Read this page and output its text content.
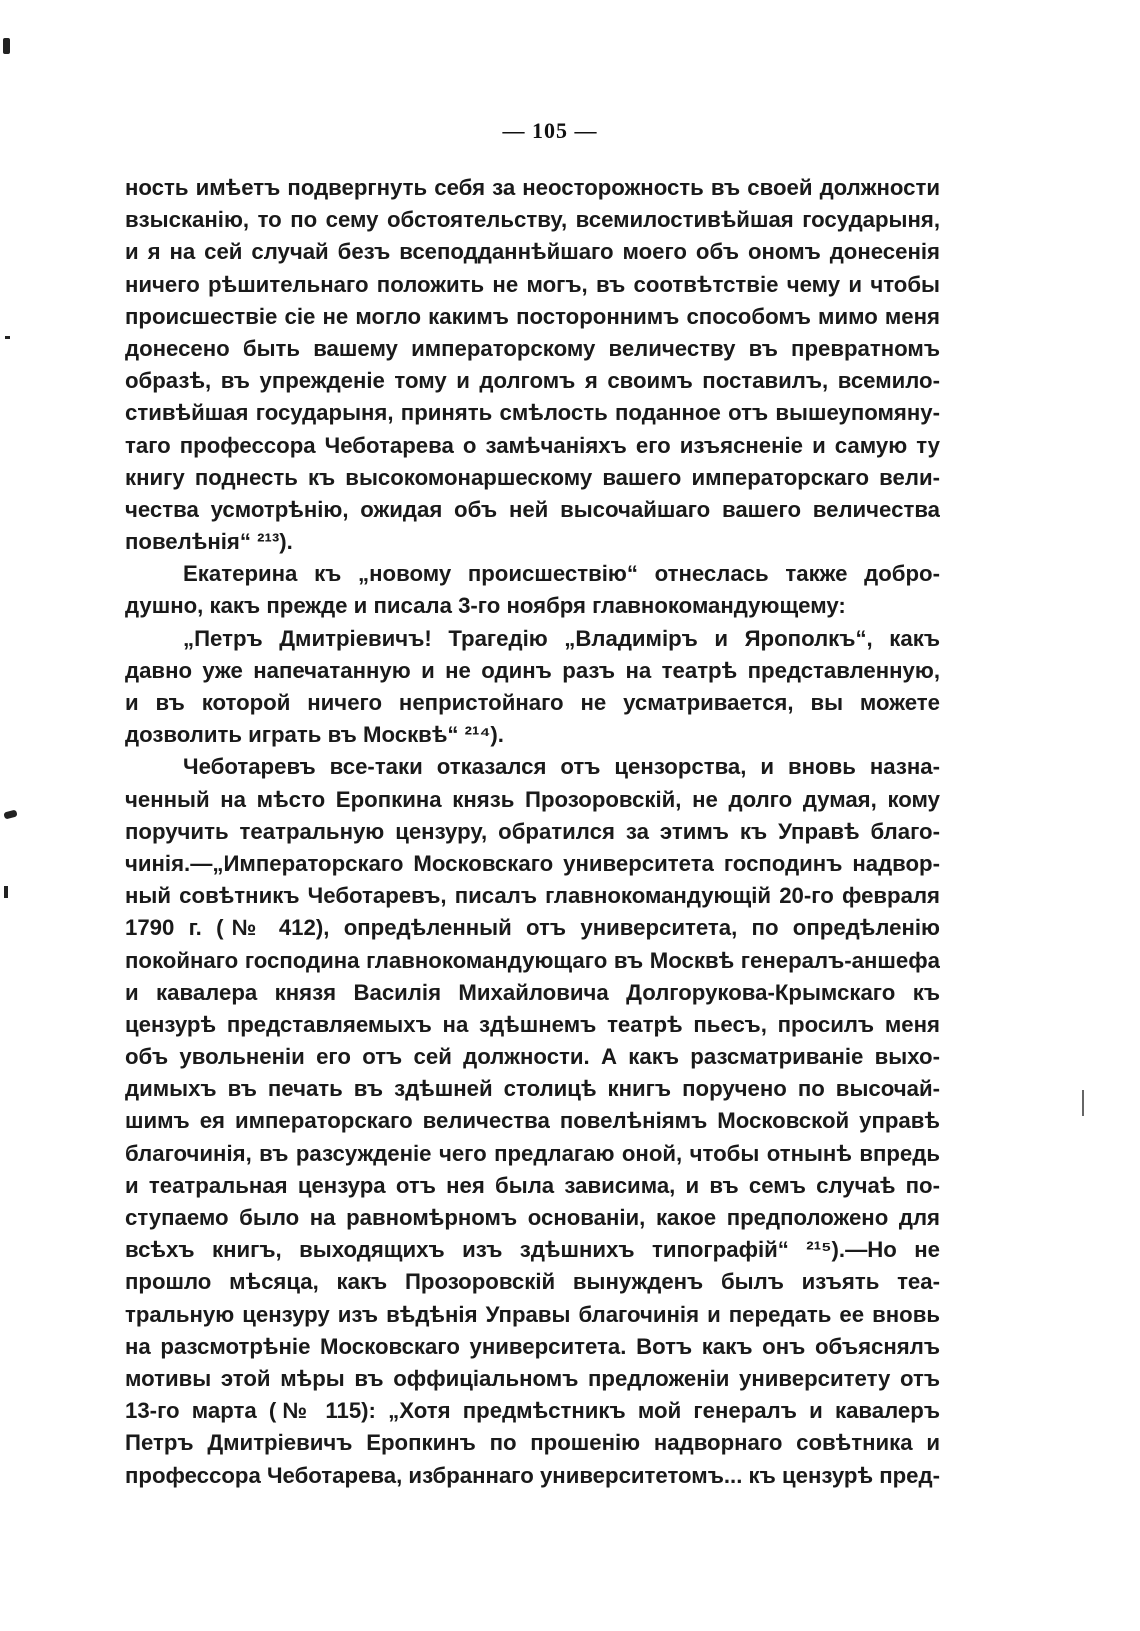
— 105 —
ность имѣетъ подвергнуть себя за неосторожность въ своей должности
взысканію, то по сему обстоятельству, всемилостивѣйшая государыня,
и я на сей случай безъ всеподданнѣйшаго моего объ ономъ донесенія
ничего рѣшительнаго положить не могъ, въ соотвѣтствіе чему и чтобы
происшествіе сіе не могло какимъ постороннимъ способомъ мимо меня
донесено быть вашему императорскому величеству въ превратномъ
образѣ, въ упрежденіе тому и долгомъ я своимъ поставилъ, всемило-
стивѣйшая государыня, принять смѣлость поданное отъ вышеупомяну-
таго профессора Чеботарева о замѣчаніяхъ его изъясненіе и самую ту
книгу поднесть къ высокомонаршескому вашего императорскаго вели-
чества усмотрѣнію, ожидая объ ней высочайшаго вашего величества
повелѣнія“ ²¹³).
Екатерина къ „новому происшествію“ отнеслась также добро-
душно, какъ прежде и писала 3-го ноября главнокомандующему:
„Петръ Дмитріевичъ! Трагедію „Владиміръ и Ярополкъ“, какъ
давно уже напечатанную и не одинъ разъ на театрѣ представленную,
и въ которой ничего непристойнаго не усматривается, вы можете
дозволить играть въ Москвѣ“ ²¹⁴).
Чеботаревъ все-таки отказался отъ цензорства, и вновь назна-
ченный на мѣсто Еропкина князь Прозоровскій, не долго думая, кому
поручить театральную цензуру, обратился за этимъ къ Управѣ благо-
чинія.—„Императорскаго Московскаго университета господинъ надвор-
ный совѣтникъ Чеботаревъ, писалъ главнокомандующій 20-го февраля
1790 г. (№ 412), опредѣленный отъ университета, по опредѣленію
покойнаго господина главнокомандующаго въ Москвѣ генералъ-аншефа
и кавалера князя Василія Михайловича Долгорукова-Крымскаго къ
цензурѣ представляемыхъ на здѣшнемъ театрѣ пьесъ, просилъ меня
объ увольненіи его отъ сей должности. А какъ разсматриваніе выхо-
димыхъ въ печать въ здѣшней столицѣ книгъ поручено по высочай-
шимъ ея императорскаго величества повелѣніямъ Московской управѣ
благочинія, въ разсужденіе чего предлагаю оной, чтобы отнынѣ впредь
и театральная цензура отъ нея была зависима, и въ семъ случаѣ по-
ступаемо было на равномѣрномъ основаніи, какое предположено для
всѣхъ книгъ, выходящихъ изъ здѣшнихъ типографій“ ²¹⁵).—Но не
прошло мѣсяца, какъ Прозоровскій вынужденъ былъ изъять теа-
тральную цензуру изъ вѣдѣнія Управы благочинія и передать ее вновь
на разсмотрѣніе Московскаго университета. Вотъ какъ онъ объяснялъ
мотивы этой мѣры въ оффиціальномъ предложеніи университету отъ
13-го марта (№ 115): „Хотя предмѣстникъ мой генералъ и кавалеръ
Петръ Дмитріевичъ Еропкинъ по прошенію надворнаго совѣтника и
профессора Чеботарева, избраннаго университетомъ... къ цензурѣ пред-
